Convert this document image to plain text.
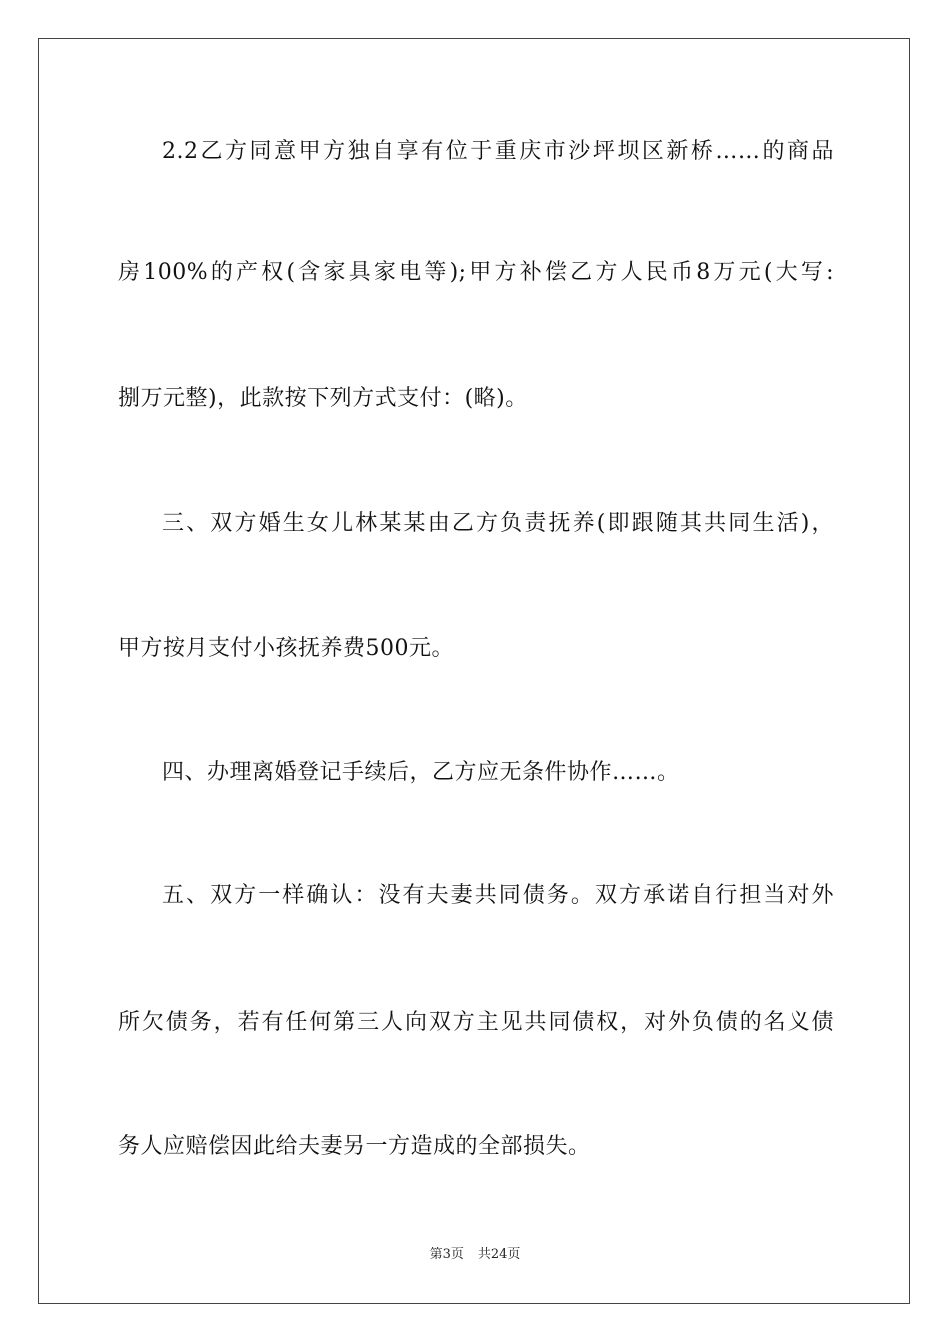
2.2乙方同意甲方独自享有位于重庆市沙坪坝区新桥……的商品
房100%的产权(含家具家电等);甲方补偿乙方人民币8万元(大写:
捌万元整)，此款按下列方式支付：(略)。
三、双方婚生女儿林某某由乙方负责抚养(即跟随其共同生活)，
甲方按月支付小孩抚养费500元。
四、办理离婚登记手续后，乙方应无条件协作……。
五、双方一样确认：没有夫妻共同债务。双方承诺自行担当对外
所欠债务，若有任何第三人向双方主见共同债权，对外负债的名义债
务人应赔偿因此给夫妻另一方造成的全部损失。
第3页 共24页
